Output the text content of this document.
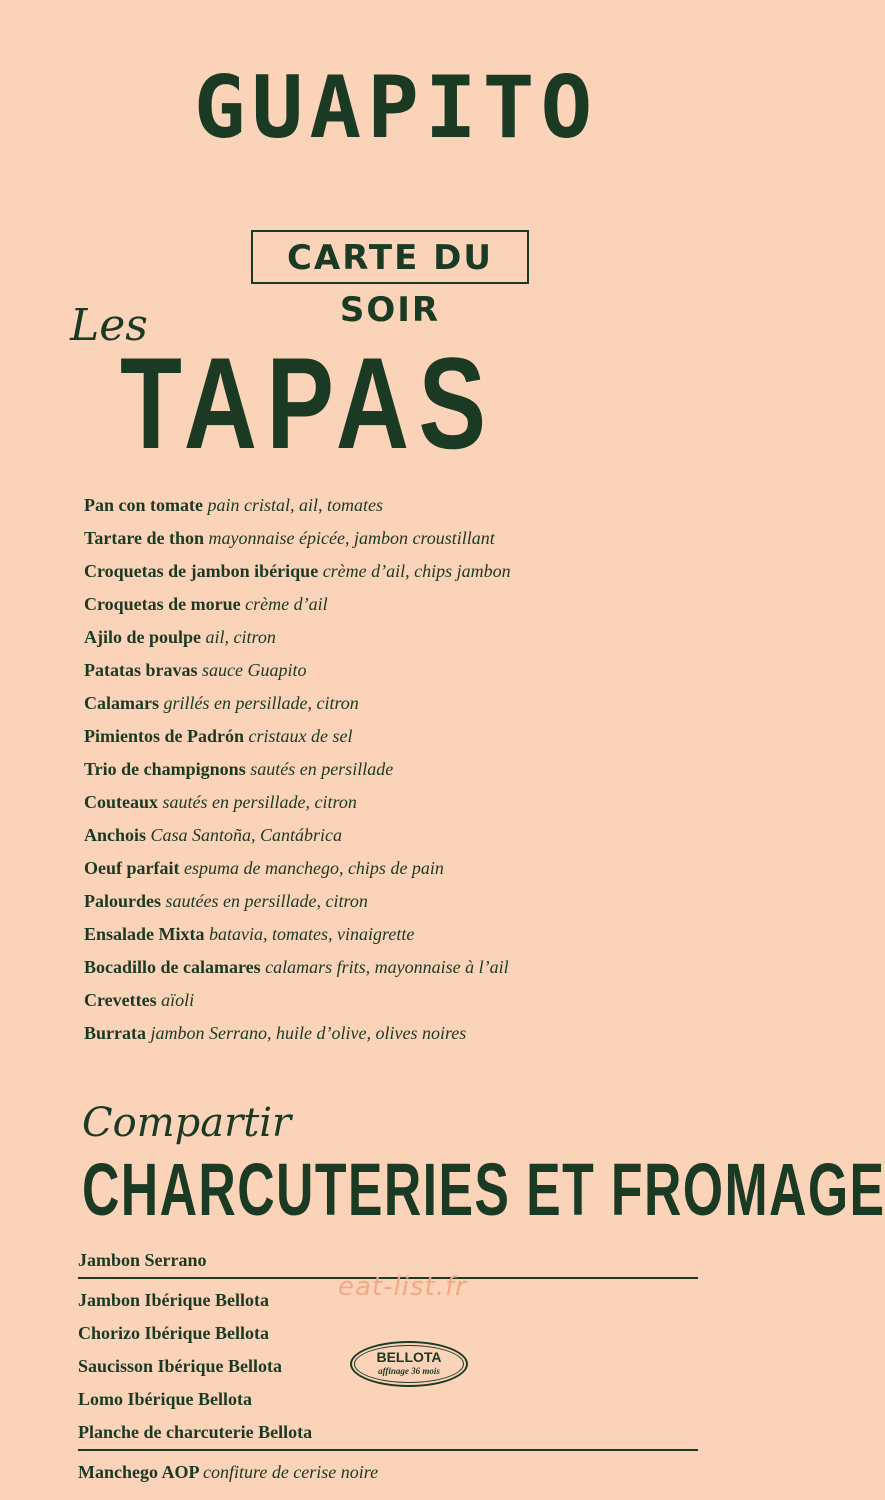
GUAPITO
CARTE DU SOIR
Les
TAPAS
Pan con tomate pain cristal, ail, tomates
Tartare de thon mayonnaise épicée, jambon croustillant
Croquetas de jambon ibérique crème d’ail, chips jambon
Croquetas de morue crème d’ail
Ajilo de poulpe ail, citron
Patatas bravas sauce Guapito
Calamars grillés en persillade, citron
Pimientos de Padrón cristaux de sel
Trio de champignons sautés en persillade
Couteaux sautés en persillade, citron
Anchois Casa Santoña, Cantábrica
Oeuf parfait espuma de manchego, chips de pain
Palourdes sautées en persillade, citron
Ensalade Mixta batavia, tomates, vinaigrette
Bocadillo de calamares calamars frits, mayonnaise à l’ail
Crevettes aïoli
Burrata jambon Serrano, huile d’olive, olives noires
Compartir
CHARCUTERIES ET FROMAGE
Jambon Serrano
Jambon Ibérique Bellota
Chorizo Ibérique Bellota
Saucisson Ibérique Bellota
Lomo Ibérique Bellota
Planche de charcuterie Bellota
Manchego AOP confiture de cerise noire
BELLOTA
affinage 36 mois
eat-list.fr
